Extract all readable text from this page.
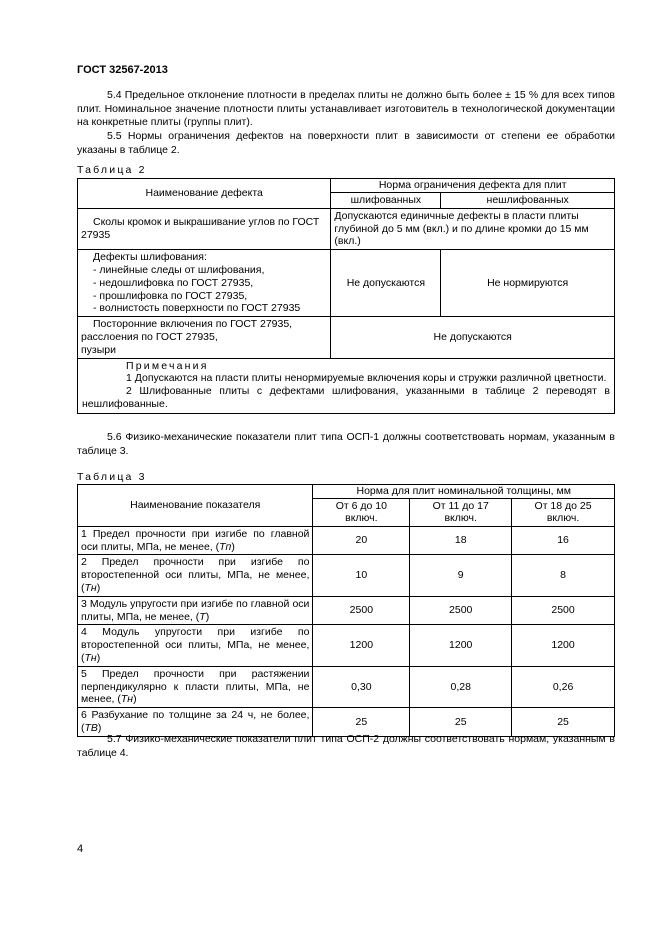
ГОСТ 32567-2013

5.4 Предельное отклонение плотности в пределах плиты не должно быть более ± 15 % для всех типов плит. Номинальное значение плотности плиты устанавливает изготовитель в технологической документации на конкретные плиты (группы плит).

5.5 Нормы ограничения дефектов на поверхности плит в зависимости от степени ее обработки указаны в таблице 2.

Таблица 2
Наименование дефекта	Норма ограничения дефекта для плит	
	шлифованных	нешлифованных
Сколы кромок и выкрашивание углов по ГОСТ 27935	Допускаются единичные дефекты в пласти плиты глубиной до 5 мм (вкл.) и по длине кромки до 15 мм (вкл.)	

Дефекты шлифования:
- линейные следы от шлифования,
- недошлифовка по ГОСТ 27935,
- прошлифовка по ГОСТ 27935,
- волнистость поверхности по ГОСТ 27935	Не допускаются	Не нормируются

Посторонние включения по ГОСТ 27935,
расслоения по ГОСТ 27935,
пузыри	Не допускаются	

Примечания
1 Допускаются на пласти плиты ненормируемые включения коры и стружки различной цветности.
2 Шлифованные плиты с дефектами шлифования, указанными в таблице 2 переводят в нешлифованные.		

5.6 Физико-механические показатели плит типа ОСП-1 должны соответствовать нормам, указанным в таблице 3.

Таблица 3
Наименование показателя	Норма для плит номинальной толщины, мм		
	От 6 до 10 включ.	От 11 до 17 включ.	От 18 до 25 включ.
1 Предел прочности при изгибе по главной оси плиты, МПа, не менее, (Tп)	20	18	16
2 Предел прочности при изгибе по второстепенной оси плиты, МПа, не менее, (Tн)	10	9	8
3 Модуль упругости при изгибе по главной оси плиты, МПа, не менее, (T)	2500	2500	2500
4 Модуль упругости при изгибе по второстепенной оси плиты, МПа, не менее, (Tн)	1200	1200	1200
5 Предел прочности при растяжении перпендикулярно к пласти плиты, МПа, не менее, (Tн)	0,30	0,28	0,26
6 Разбухание по толщине за 24 ч, не более, (TВ)	25	25	25

5.7 Физико-механические показатели плит типа ОСП-2 должны соответствовать нормам, указанным в таблице 4.

4
